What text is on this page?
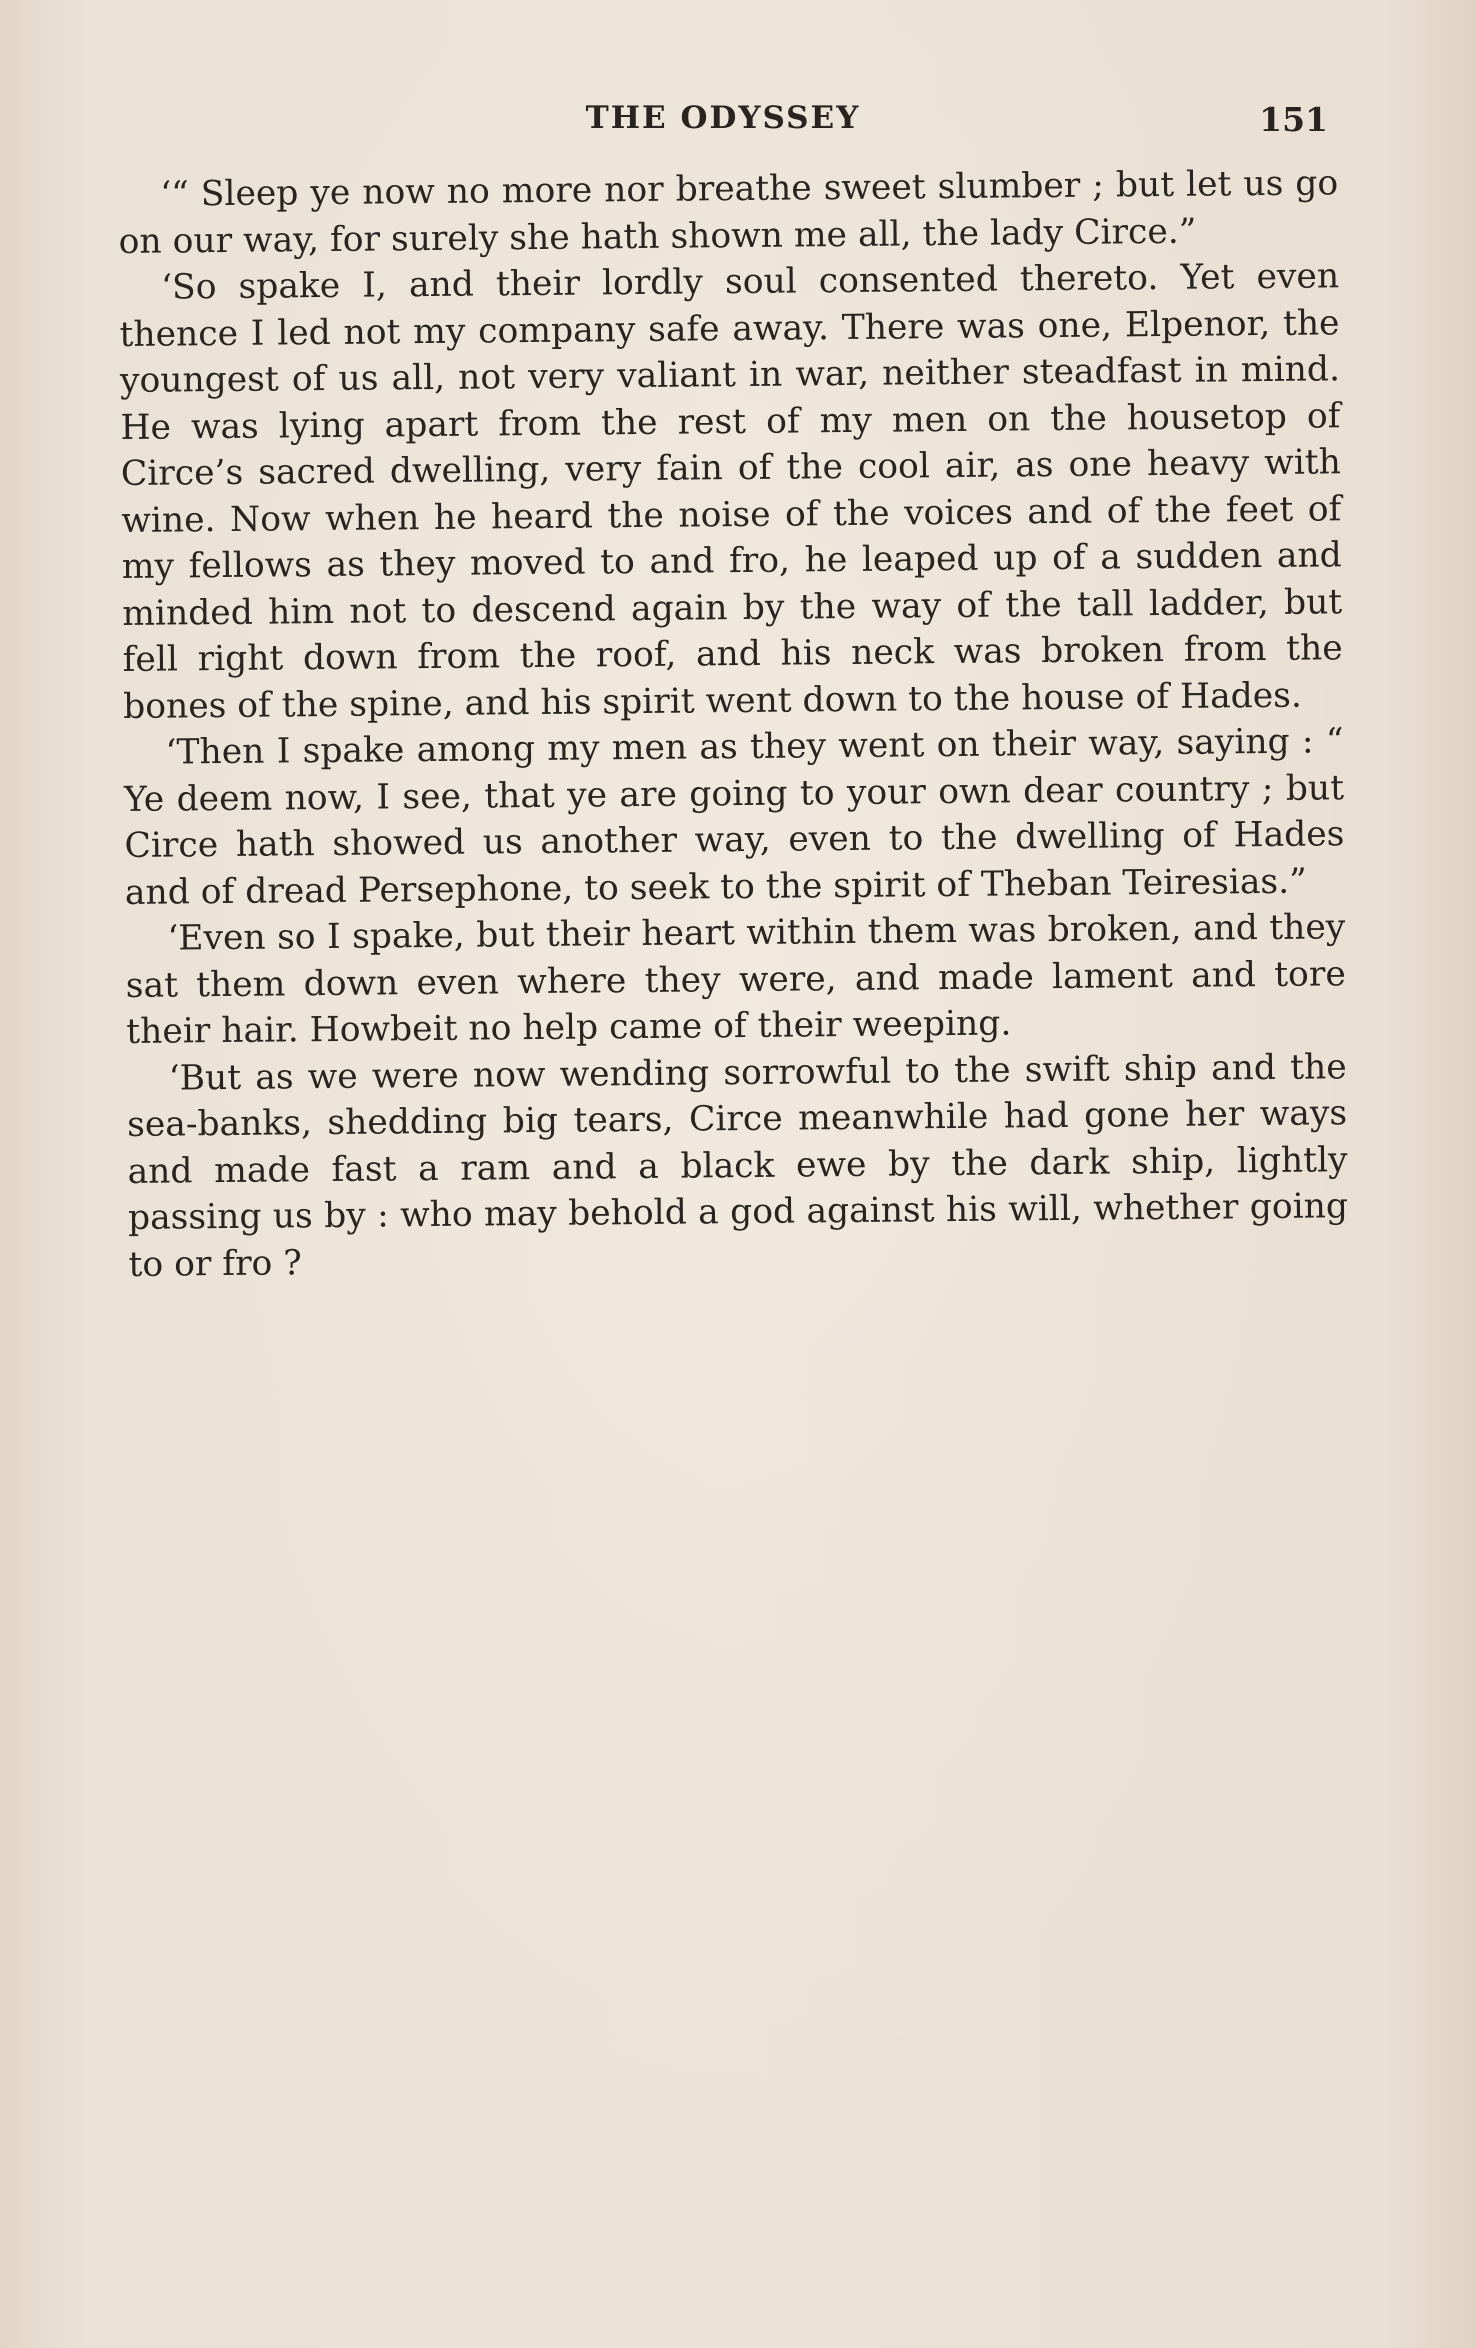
THE ODYSSEY	151

‘“ Sleep ye now no more nor breathe sweet slumber ; but let us go on our way, for surely she hath shown me all, the lady Circe.”

‘So spake I, and their lordly soul consented thereto. Yet even thence I led not my company safe away. There was one, Elpenor, the youngest of us all, not very valiant in war, neither steadfast in mind. He was lying apart from the rest of my men on the housetop of Circe’s sacred dwelling, very fain of the cool air, as one heavy with wine. Now when he heard the noise of the voices and of the feet of my fellows as they moved to and fro, he leaped up of a sudden and minded him not to descend again by the way of the tall ladder, but fell right down from the roof, and his neck was broken from the bones of the spine, and his spirit went down to the house of Hades.

‘Then I spake among my men as they went on their way, saying : “ Ye deem now, I see, that ye are going to your own dear country ; but Circe hath showed us another way, even to the dwelling of Hades and of dread Persephone, to seek to the spirit of Theban Teiresias.”

‘Even so I spake, but their heart within them was broken, and they sat them down even where they were, and made lament and tore their hair. Howbeit no help came of their weeping.

‘But as we were now wending sorrowful to the swift ship and the sea-banks, shedding big tears, Circe meanwhile had gone her ways and made fast a ram and a black ewe by the dark ship, lightly passing us by : who may behold a god against his will, whether going to or fro ?
